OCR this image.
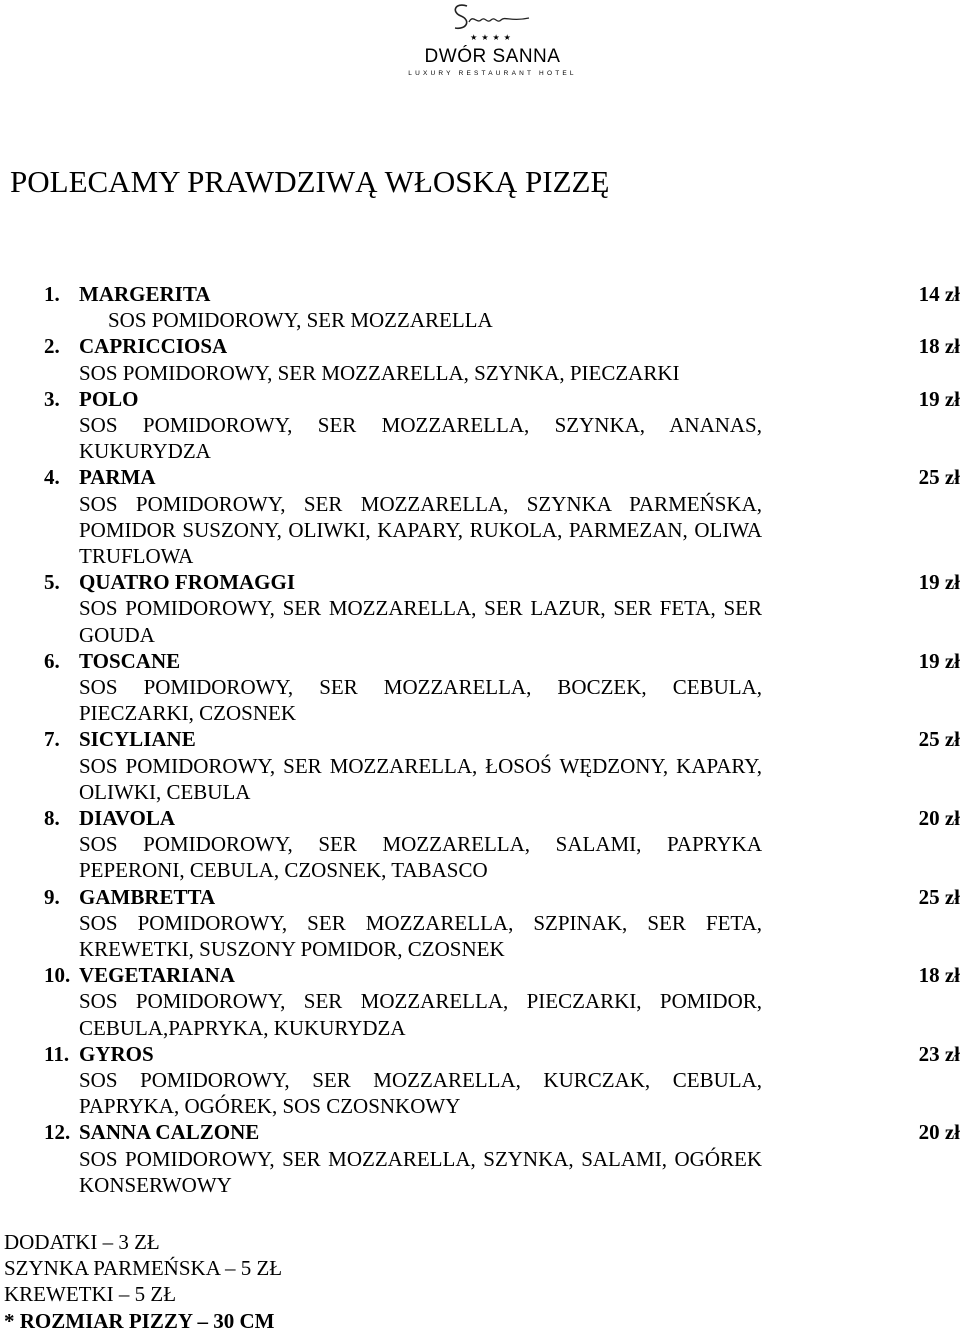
★★★★
DWÓR SANNA
LUXURY RESTAURANT HOTEL
POLECAMY PRAWDZIWĄ WŁOSKĄ PIZZĘ
1. MARGERITA	14 zł
SOS POMIDOROWY, SER MOZZARELLA
2. CAPRICCIOSA	18 zł
SOS POMIDOROWY, SER MOZZARELLA, SZYNKA, PIECZARKI
3. POLO	19 zł
SOS POMIDOROWY, SER MOZZARELLA, SZYNKA, ANANAS, KUKURYDZA
4. PARMA	25 zł
SOS POMIDOROWY, SER MOZZARELLA, SZYNKA PARMEŃSKA, POMIDOR SUSZONY, OLIWKI, KAPARY, RUKOLA, PARMEZAN, OLIWA TRUFLOWA
5. QUATRO FROMAGGI	19 zł
SOS POMIDOROWY, SER MOZZARELLA, SER LAZUR, SER FETA, SER GOUDA
6. TOSCANE	19 zł
SOS POMIDOROWY, SER MOZZARELLA, BOCZEK, CEBULA, PIECZARKI, CZOSNEK
7. SICYLIANE	25 zł
SOS POMIDOROWY, SER MOZZARELLA, ŁOSOŚ WĘDZONY, KAPARY, OLIWKI, CEBULA
8. DIAVOLA	20 zł
SOS POMIDOROWY, SER MOZZARELLA, SALAMI, PAPRYKA PEPERONI, CEBULA, CZOSNEK, TABASCO
9. GAMBRETTA	25 zł
SOS POMIDOROWY, SER MOZZARELLA, SZPINAK, SER FETA, KREWETKI, SUSZONY POMIDOR, CZOSNEK
10. VEGETARIANA	18 zł
SOS POMIDOROWY, SER MOZZARELLA, PIECZARKI, POMIDOR, CEBULA,PAPRYKA, KUKURYDZA
11. GYROS	23 zł
SOS POMIDOROWY, SER MOZZARELLA, KURCZAK, CEBULA, PAPRYKA, OGÓREK, SOS CZOSNKOWY
12. SANNA CALZONE	20 zł
SOS POMIDOROWY, SER MOZZARELLA, SZYNKA, SALAMI, OGÓREK KONSERWOWY
DODATKI – 3 ZŁ
SZYNKA PARMEŃSKA – 5 ZŁ
KREWETKI – 5 ZŁ
* ROZMIAR PIZZY – 30 CM
